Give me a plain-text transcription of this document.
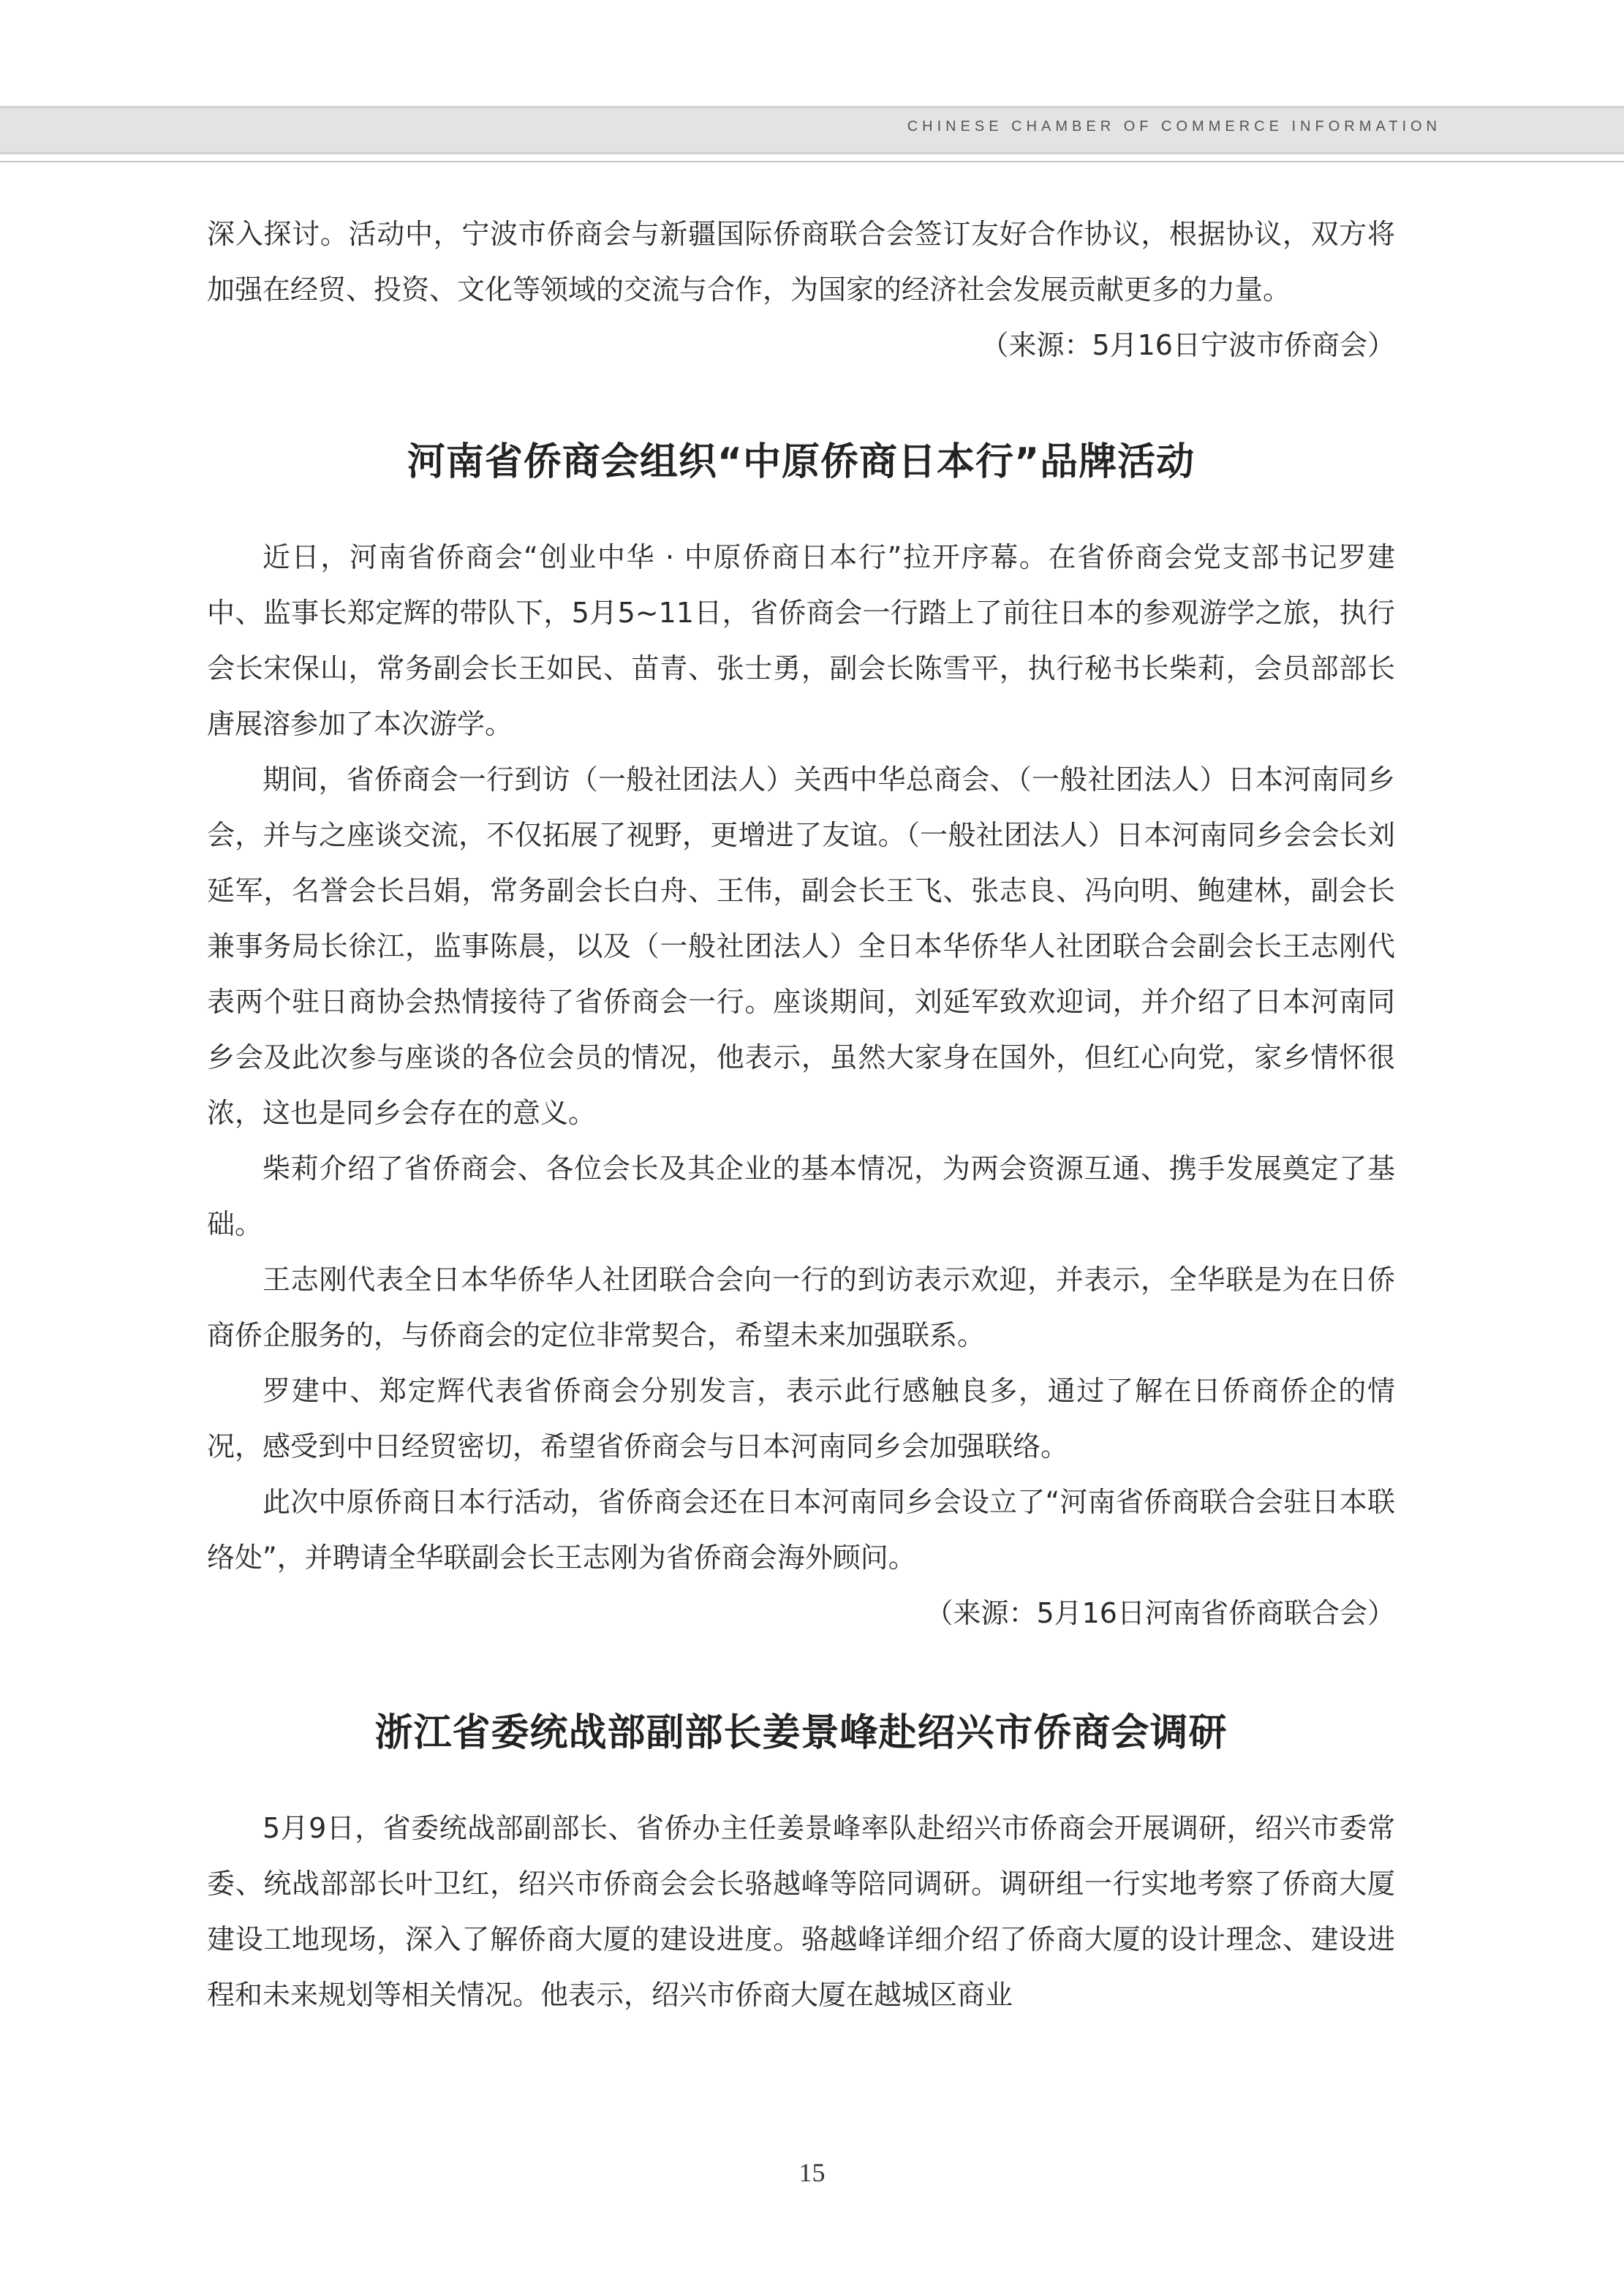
CHINESE CHAMBER OF COMMERCE INFORMATION

深入探讨。活动中，宁波市侨商会与新疆国际侨商联合会签订友好合作协议，根据协议，双方将加强在经贸、投资、文化等领域的交流与合作，为国家的经济社会发展贡献更多的力量。

（来源：5月16日宁波市侨商会）

河南省侨商会组织“中原侨商日本行”品牌活动

近日，河南省侨商会“创业中华 · 中原侨商日本行”拉开序幕。在省侨商会党支部书记罗建中、监事长郑定辉的带队下，5月5~11日，省侨商会一行踏上了前往日本的参观游学之旅，执行会长宋保山，常务副会长王如民、苗青、张士勇，副会长陈雪平，执行秘书长柴莉，会员部部长唐展溶参加了本次游学。

期间，省侨商会一行到访（一般社团法人）关西中华总商会、（一般社团法人）日本河南同乡会，并与之座谈交流，不仅拓展了视野，更增进了友谊。（一般社团法人）日本河南同乡会会长刘延军，名誉会长吕娟，常务副会长白舟、王伟，副会长王飞、张志良、冯向明、鲍建林，副会长兼事务局长徐江，监事陈晨，以及（一般社团法人）全日本华侨华人社团联合会副会长王志刚代表两个驻日商协会热情接待了省侨商会一行。座谈期间，刘延军致欢迎词，并介绍了日本河南同乡会及此次参与座谈的各位会员的情况，他表示，虽然大家身在国外，但红心向党，家乡情怀很浓，这也是同乡会存在的意义。

柴莉介绍了省侨商会、各位会长及其企业的基本情况，为两会资源互通、携手发展奠定了基础。

王志刚代表全日本华侨华人社团联合会向一行的到访表示欢迎，并表示，全华联是为在日侨商侨企服务的，与侨商会的定位非常契合，希望未来加强联系。

罗建中、郑定辉代表省侨商会分别发言，表示此行感触良多，通过了解在日侨商侨企的情况，感受到中日经贸密切，希望省侨商会与日本河南同乡会加强联络。

此次中原侨商日本行活动，省侨商会还在日本河南同乡会设立了“河南省侨商联合会驻日本联络处”，并聘请全华联副会长王志刚为省侨商会海外顾问。

（来源：5月16日河南省侨商联合会）

浙江省委统战部副部长姜景峰赴绍兴市侨商会调研

5月9日，省委统战部副部长、省侨办主任姜景峰率队赴绍兴市侨商会开展调研，绍兴市委常委、统战部部长叶卫红，绍兴市侨商会会长骆越峰等陪同调研。调研组一行实地考察了侨商大厦建设工地现场，深入了解侨商大厦的建设进度。骆越峰详细介绍了侨商大厦的设计理念、建设进程和未来规划等相关情况。他表示，绍兴市侨商大厦在越城区商业

15
